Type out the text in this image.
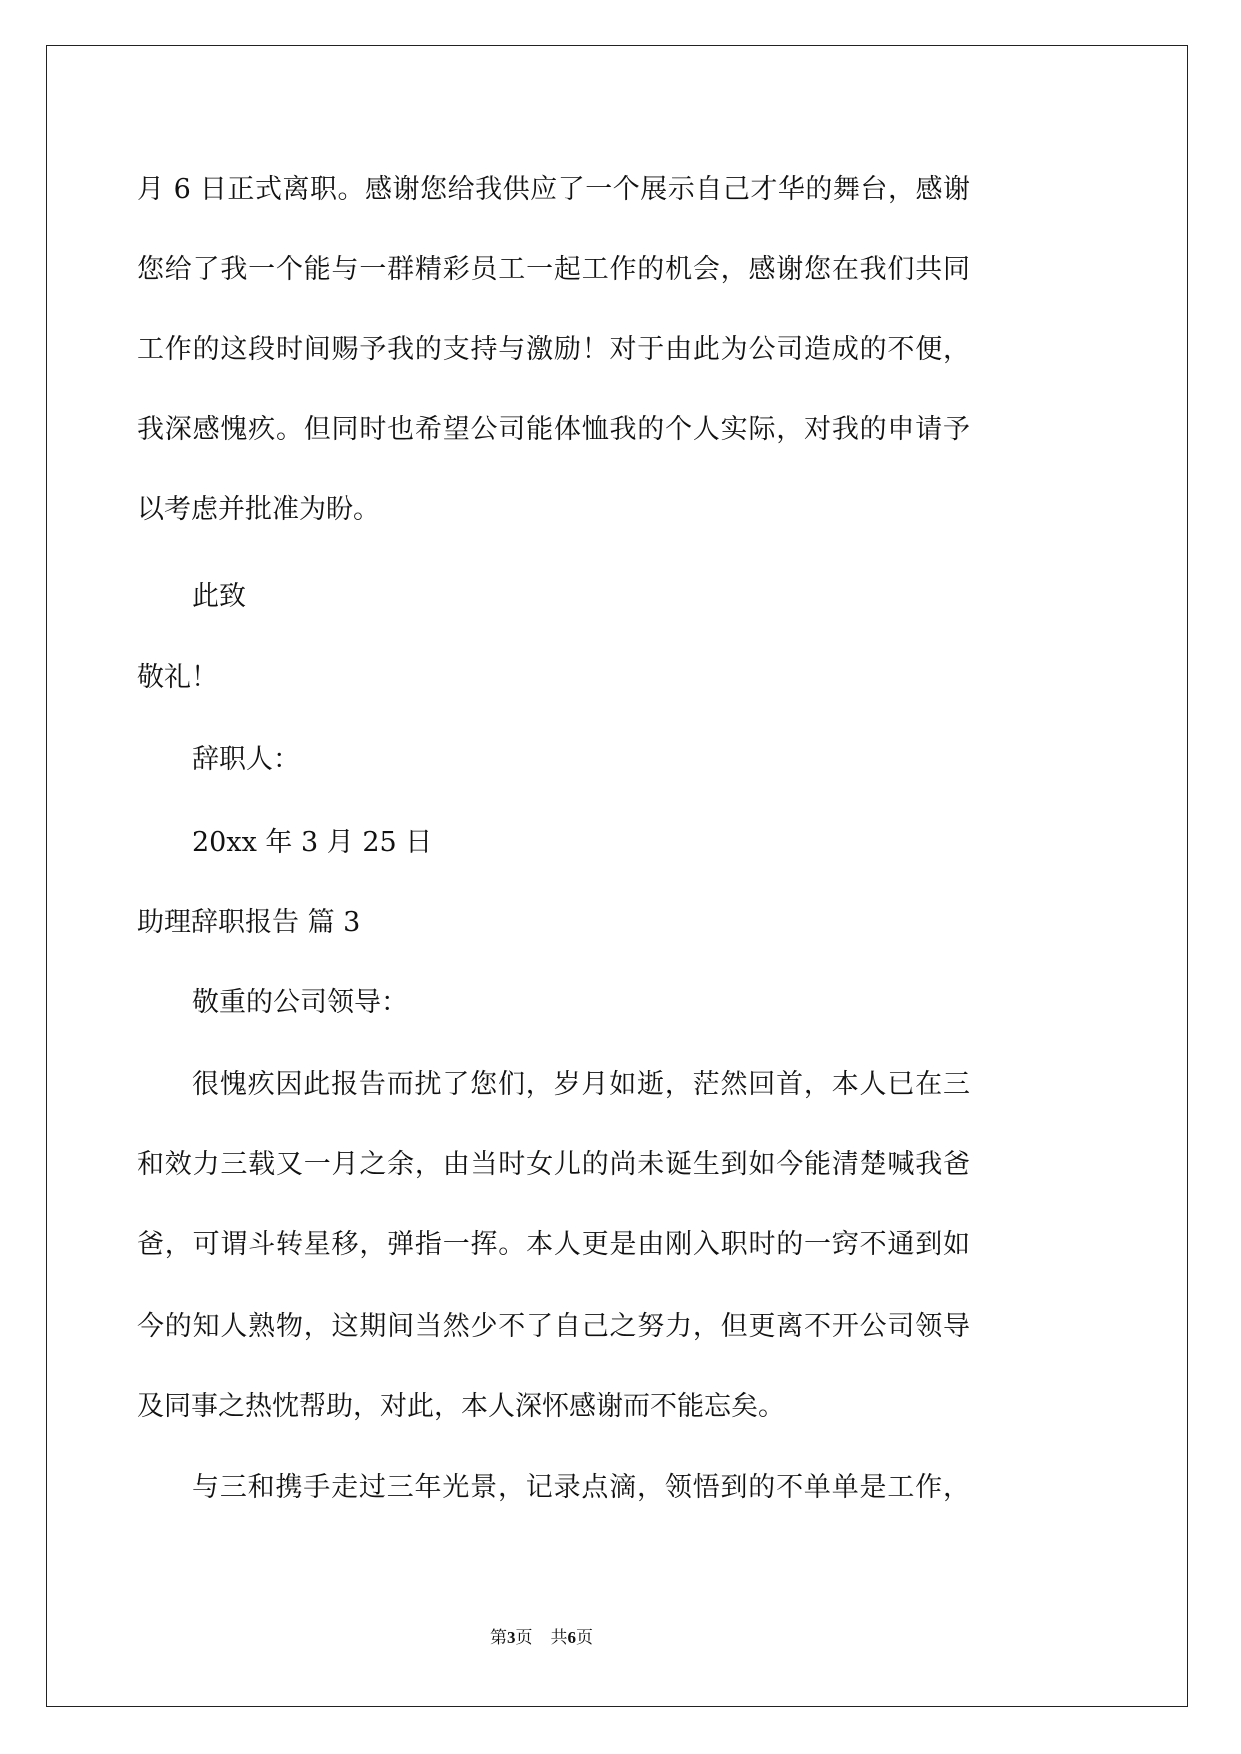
月 6 日正式离职。感谢您给我供应了一个展示自己才华的舞台，感谢
您给了我一个能与一群精彩员工一起工作的机会，感谢您在我们共同
工作的这段时间赐予我的支持与激励！对于由此为公司造成的不便，
我深感愧疚。但同时也希望公司能体恤我的个人实际，对我的申请予
以考虑并批准为盼。
此致
敬礼！
辞职人：
20xx 年 3 月 25 日
助理辞职报告 篇 3
敬重的公司领导：
很愧疚因此报告而扰了您们，岁月如逝，茫然回首，本人已在三
和效力三载又一月之余，由当时女儿的尚未诞生到如今能清楚喊我爸
爸，可谓斗转星移，弹指一挥。本人更是由刚入职时的一窍不通到如
今的知人熟物，这期间当然少不了自己之努力，但更离不开公司领导
及同事之热忱帮助，对此，本人深怀感谢而不能忘矣。
与三和携手走过三年光景，记录点滴，领悟到的不单单是工作，
第3页 共6页
